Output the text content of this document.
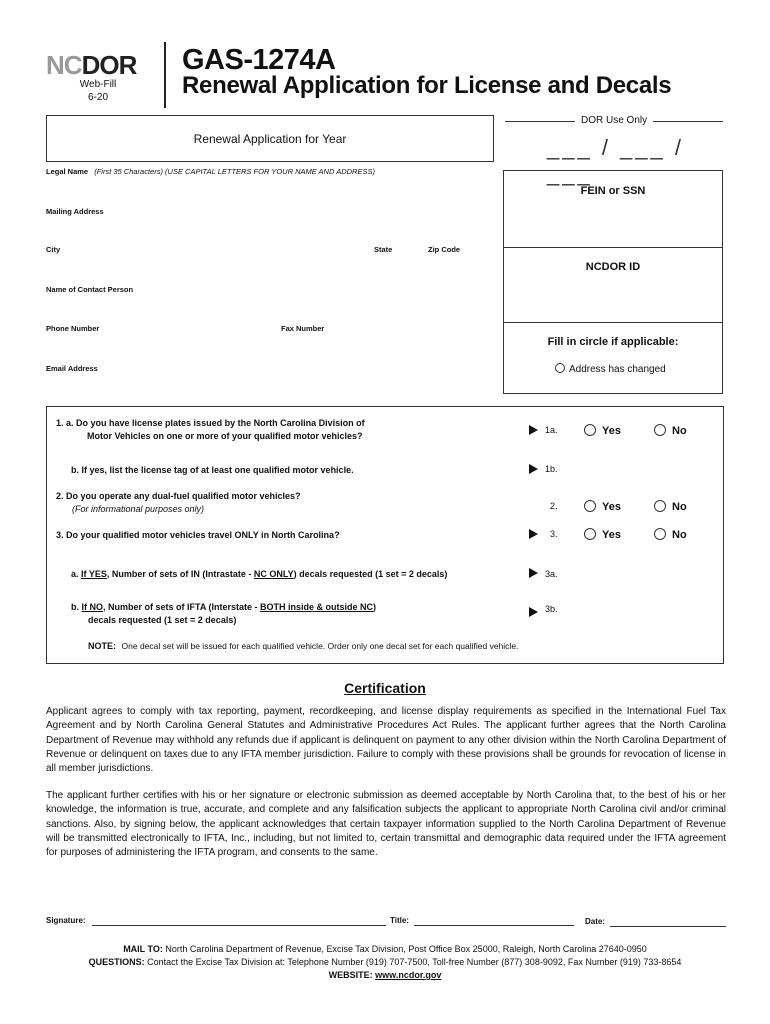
NCDOR
Web-Fill
6-20
GAS-1274A
Renewal Application for License and Decals
Renewal Application for Year
DOR Use Only
___ / ___ / ___
Legal Name (First 35 Characters) (USE CAPITAL LETTERS FOR YOUR NAME AND ADDRESS)
Mailing Address
City	State	Zip Code
Name of Contact Person
Phone Number	Fax Number
Email Address
FEIN or SSN
NCDOR ID
Fill in circle if applicable:
Address has changed
1. a. Do you have license plates issued by the North Carolina Division of
Motor Vehicles on one or more of your qualified motor vehicles?
1a.	Yes	No
b. If yes, list the license tag of at least one qualified motor vehicle.	1b.
2. Do you operate any dual-fuel qualified motor vehicles?
(For informational purposes only)	2.	Yes	No
3. Do your qualified motor vehicles travel ONLY in North Carolina?	3.	Yes	No
a. If YES, Number of sets of IN (Intrastate - NC ONLY) decals requested (1 set = 2 decals)	3a.
b. If NO, Number of sets of IFTA (Interstate - BOTH inside & outside NC)
decals requested (1 set = 2 decals)
3b.
NOTE: One decal set will be issued for each qualified vehicle. Order only one decal set for each qualified vehicle.
Certification
Applicant agrees to comply with tax reporting, payment, recordkeeping, and license display requirements as specified in the International Fuel Tax Agreement and by North Carolina General Statutes and Administrative Procedures Act Rules. The applicant further agrees that the North Carolina Department of Revenue may withhold any refunds due if applicant is delinquent on payment to any other division within the North Carolina Department of Revenue or delinquent on taxes due to any IFTA member jurisdiction. Failure to comply with these provisions shall be grounds for revocation of license in all member jurisdictions.
The applicant further certifies with his or her signature or electronic submission as deemed acceptable by North Carolina that, to the best of his or her knowledge, the information is true, accurate, and complete and any falsification subjects the applicant to appropriate North Carolina civil and/or criminal sanctions. Also, by signing below, the applicant acknowledges that certain taxpayer information supplied to the North Carolina Department of Revenue will be transmitted electronically to IFTA, Inc., including, but not limited to, certain transmittal and demographic data required under the IFTA agreement for purposes of administering the IFTA program, and consents to the same.
Signature:	Title:	Date:
MAIL TO: North Carolina Department of Revenue, Excise Tax Division, Post Office Box 25000, Raleigh, North Carolina 27640-0950
QUESTIONS: Contact the Excise Tax Division at: Telephone Number (919) 707-7500, Toll-free Number (877) 308-9092, Fax Number (919) 733-8654
WEBSITE: www.ncdor.gov
